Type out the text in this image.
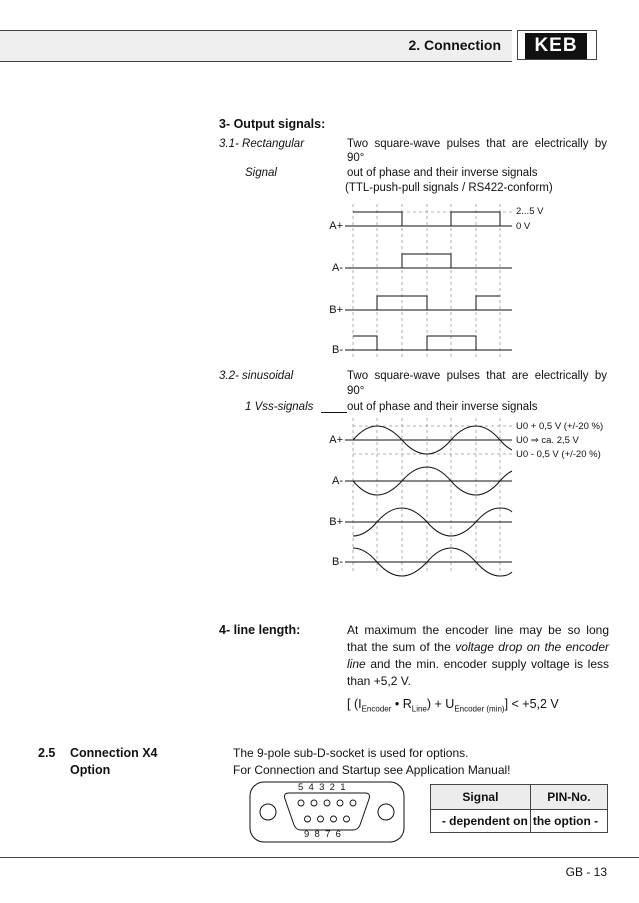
2. Connection	KEB
3- Output signals:
3.1- Rectangular
Signal
Two square-wave pulses that are electrically by
90°
out of phase and their inverse signals
(TTL-push-pull signals / RS422-conform)
2...5 V
0 V
A+
A-
B+
B-
3.2- sinusoidal
1 Vss-signals
Two square-wave pulses that are electrically by
90°
out of phase and their inverse signals
U0 + 0,5 V (+/-20 %)
U0 ⇒ ca. 2,5 V
U0 - 0,5 V (+/-20 %)
A+
A-
B+
B-
4- line length:	At maximum the encoder line may be so long
that the sum of the voltage drop on the encoder
line and the min. encoder supply voltage is less
than +5,2 V.
[ ($I_{Encoder}$ • $R_{Line}) + U_{Encoder (min)}] < +5,2$ V
2.5 Connection X4
Option
The 9-pole sub-D-socket is used for options.
For Connection and Startup see Application Manual!
5  4  3  2  1
9  8  7  6
Signal	PIN-No.
- dependent on	the option -
GB - 13
